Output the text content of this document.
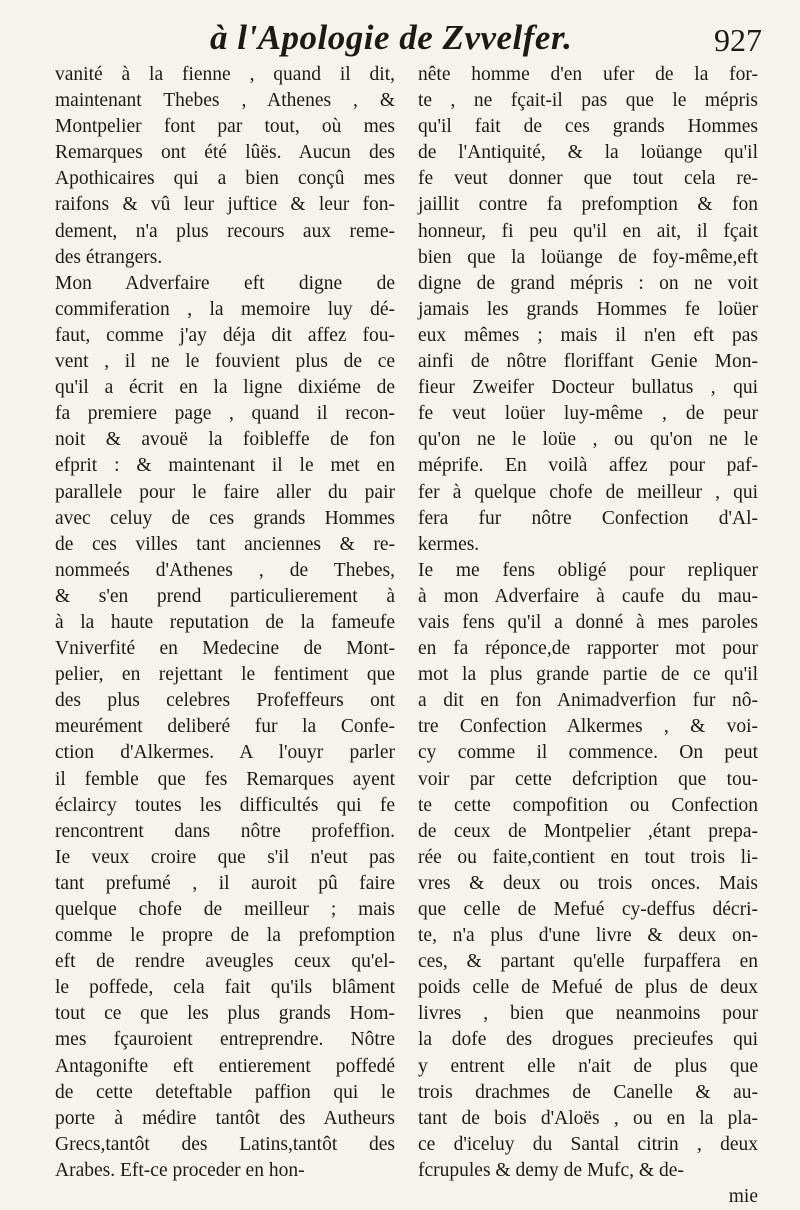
à l'Apologie de Zvvelfer.	927
vanité à la fienne , quand il dit,
maintenant Thebes , Athenes , &
Montpelier font par tout, où mes
Remarques ont été lûës. Aucun des
Apothicaires qui a bien conçû mes
raifons & vû leur juftice & leur fon-
dement, n'a plus recours aux reme-
des étrangers.
Mon Adverfaire eft digne de
commiferation , la memoire luy dé-
faut, comme j'ay déja dit affez fou-
vent , il ne le fouvient plus de ce
qu'il a écrit en la ligne dixiéme de
fa premiere page , quand il recon-
noit & avouë la foibleffe de fon
efprit : & maintenant il le met en
parallele pour le faire aller du pair
avec celuy de ces grands Hommes
de ces villes tant anciennes & re-
nommeés d'Athenes , de Thebes,
& s'en prend particulierement à
à la haute reputation de la fameufe
Vniverfité en Medecine de Mont-
pelier, en rejettant le fentiment que
des plus celebres Profeffeurs ont
meurément deliberé fur la Confe-
ction d'Alkermes. A l'ouyr parler
il femble que fes Remarques ayent
éclaircy toutes les difficultés qui fe
rencontrent dans nôtre profeffion.
Ie veux croire que s'il n'eut pas
tant prefumé , il auroit pû faire
quelque chofe de meilleur ; mais
comme le propre de la prefomption
eft de rendre aveugles ceux qu'el-
le poffede, cela fait qu'ils blâment
tout ce que les plus grands Hom-
mes fçauroient entreprendre. Nôtre
Antagonifte eft entierement poffedé
de cette deteftable paffion qui le
porte à médire tantôt des Autheurs
Grecs,tantôt des Latins,tantôt des
Arabes. Eft-ce proceder en hon-
nête homme d'en ufer de la for-
te , ne fçait-il pas que le mépris
qu'il fait de ces grands Hommes
de l'Antiquité, & la loüange qu'il
fe veut donner que tout cela re-
jaillit contre fa prefomption & fon
honneur, fi peu qu'il en ait, il fçait
bien que la loüange de foy-même,eft
digne de grand mépris : on ne voit
jamais les grands Hommes fe loüer
eux mêmes ; mais il n'en eft pas
ainfi de nôtre floriffant Genie Mon-
fieur Zweifer Docteur bullatus , qui
fe veut loüer luy-même , de peur
qu'on ne le loüe , ou qu'on ne le
méprife. En voilà affez pour paf-
fer à quelque chofe de meilleur , qui
fera fur nôtre Confection d'Al-
kermes.
Ie me fens obligé pour repliquer
à mon Adverfaire à caufe du mau-
vais fens qu'il a donné à mes paroles
en fa réponce,de rapporter mot pour
mot la plus grande partie de ce qu'il
a dit en fon Animadverfion fur nô-
tre Confection Alkermes , & voi-
cy comme il commence. On peut
voir par cette defcription que tou-
te cette compofition ou Confection
de ceux de Montpelier ,étant prepa-
rée ou faite,contient en tout trois li-
vres & deux ou trois onces. Mais
que celle de Mefué cy-deffus décri-
te, n'a plus d'une livre & deux on-
ces, & partant qu'elle furpaffera en
poids celle de Mefué de plus de deux
livres , bien que neanmoins pour
la dofe des drogues precieufes qui
y entrent elle n'ait de plus que
trois drachmes de Canelle & au-
tant de bois d'Aloës , ou en la pla-
ce d'iceluy du Santal citrin , deux
fcrupules & demy de Mufc, & de-
mie
